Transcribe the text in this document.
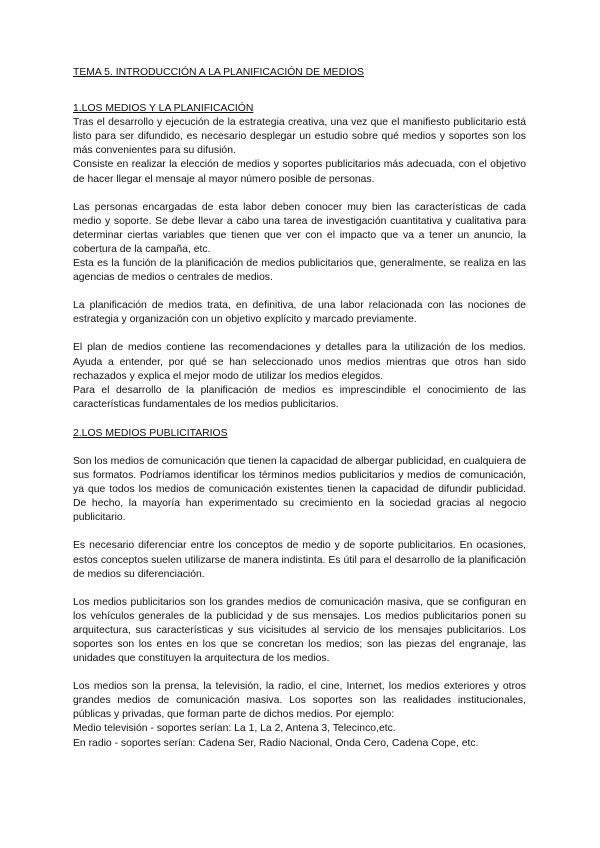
TEMA 5. INTRODUCCIÓN A LA PLANIFICACIÓN DE MEDIOS
1.LOS MEDIOS Y LA PLANIFICACIÓN

Tras el desarrollo y ejecución de la estrategia creativa, una vez que el manifiesto publicitario está listo para ser difundido, es necesario desplegar un estudio sobre qué medios y soportes son los más convenientes para su difusión.

Consiste en realizar la elección de medios y soportes publicitarios más adecuada, con el objetivo de hacer llegar el mensaje al mayor número posible de personas.

Las personas encargadas de esta labor deben conocer muy bien las características de cada medio y soporte. Se debe llevar a cabo una tarea de investigación cuantitativa y cualitativa para determinar ciertas variables que tienen que ver con el impacto que va a tener un anuncio, la cobertura de la campaña, etc.

Esta es la función de la planificación de medios publicitarios que, generalmente, se realiza en las agencias de medios o centrales de medios.

La planificación de medios trata, en definitiva, de una labor relacionada con las nociones de estrategia y organización con un objetivo explícito y marcado previamente.

El plan de medios contiene las recomendaciones y detalles para la utilización de los medios. Ayuda a entender, por qué se han seleccionado unos medios mientras que otros han sido rechazados y explica el mejor modo de utilizar los medios elegidos.

Para el desarrollo de la planificación de medios es imprescindible el conocimiento de las características fundamentales de los medios publicitarios.

2.LOS MEDIOS PUBLICITARIOS

Son los medios de comunicación que tienen la capacidad de albergar publicidad, en cualquiera de sus formatos. Podríamos identificar los términos medios publicitarios y medios de comunicación, ya que todos los medios de comunicación existentes tienen la capacidad de difundir publicidad. De hecho, la mayoría han experimentado su crecimiento en la sociedad gracias al negocio publicitario.

Es necesario diferenciar entre los conceptos de medio y de soporte publicitarios. En ocasiones, estos conceptos suelen utilizarse de manera indistinta. Es útil para el desarrollo de la planificación de medios su diferenciación.

Los medios publicitarios son los grandes medios de comunicación masiva, que se configuran en los vehículos generales de la publicidad y de sus mensajes. Los medios publicitarios ponen su arquitectura, sus características y sus vicisitudes al servicio de los mensajes publicitarios. Los soportes son los entes en los que se concretan los medios; son las piezas del engranaje, las unidades que constituyen la arquitectura de los medios.

Los medios son la prensa, la televisión, la radio, el cine, Internet, los medios exteriores y otros grandes medios de comunicación masiva. Los soportes son las realidades institucionales, públicas y privadas, que forman parte de dichos medios. Por ejemplo:

Medio televisión - soportes serían: La 1, La 2, Antena 3, Telecinco,etc.
En radio - soportes serían: Cadena Ser, Radio Nacional, Onda Cero, Cadena Cope, etc.
